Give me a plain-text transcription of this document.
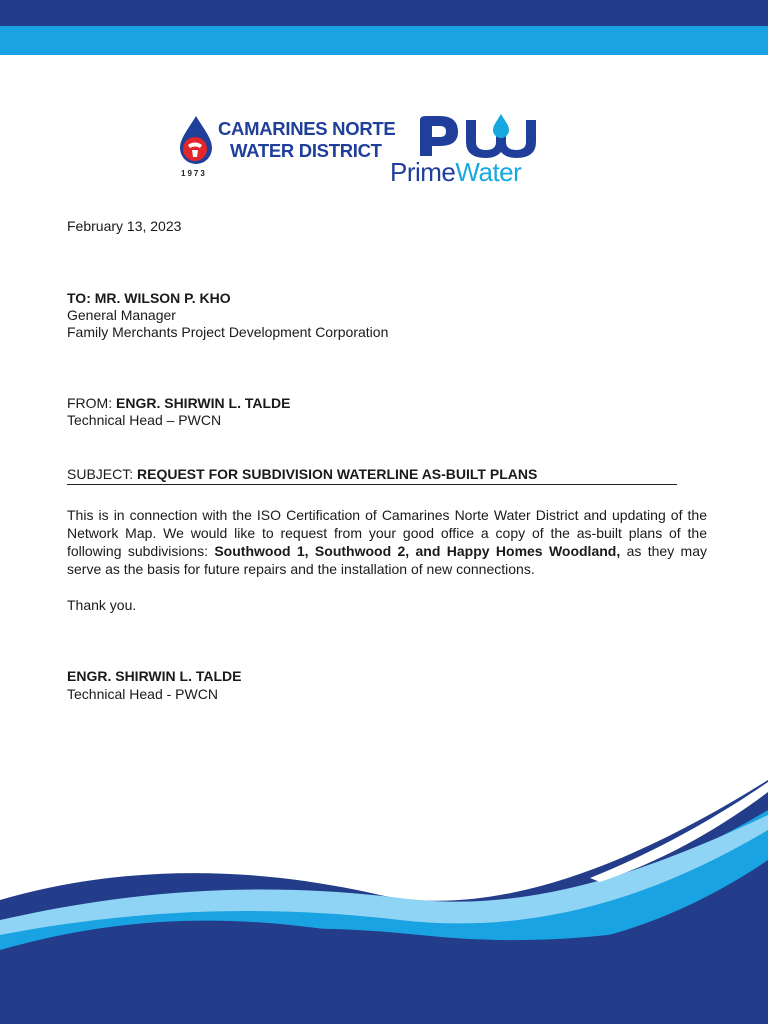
CAMARINES NORTE
WATER DISTRICT
1973	PrimeWater
February 13, 2023
TO: MR. WILSON P. KHO
General Manager
Family Merchants Project Development Corporation
FROM: ENGR. SHIRWIN L. TALDE
Technical Head – PWCN
SUBJECT: REQUEST FOR SUBDIVISION WATERLINE AS-BUILT PLANS
This is in connection with the ISO Certification of Camarines Norte Water District and updating of the Network Map. We would like to request from your good office a copy of the as-built plans of the following subdivisions: Southwood 1, Southwood 2, and Happy Homes Woodland, as they may serve as the basis for future repairs and the installation of new connections.
Thank you.
ENGR. SHIRWIN L. TALDE
Technical Head - PWCN
